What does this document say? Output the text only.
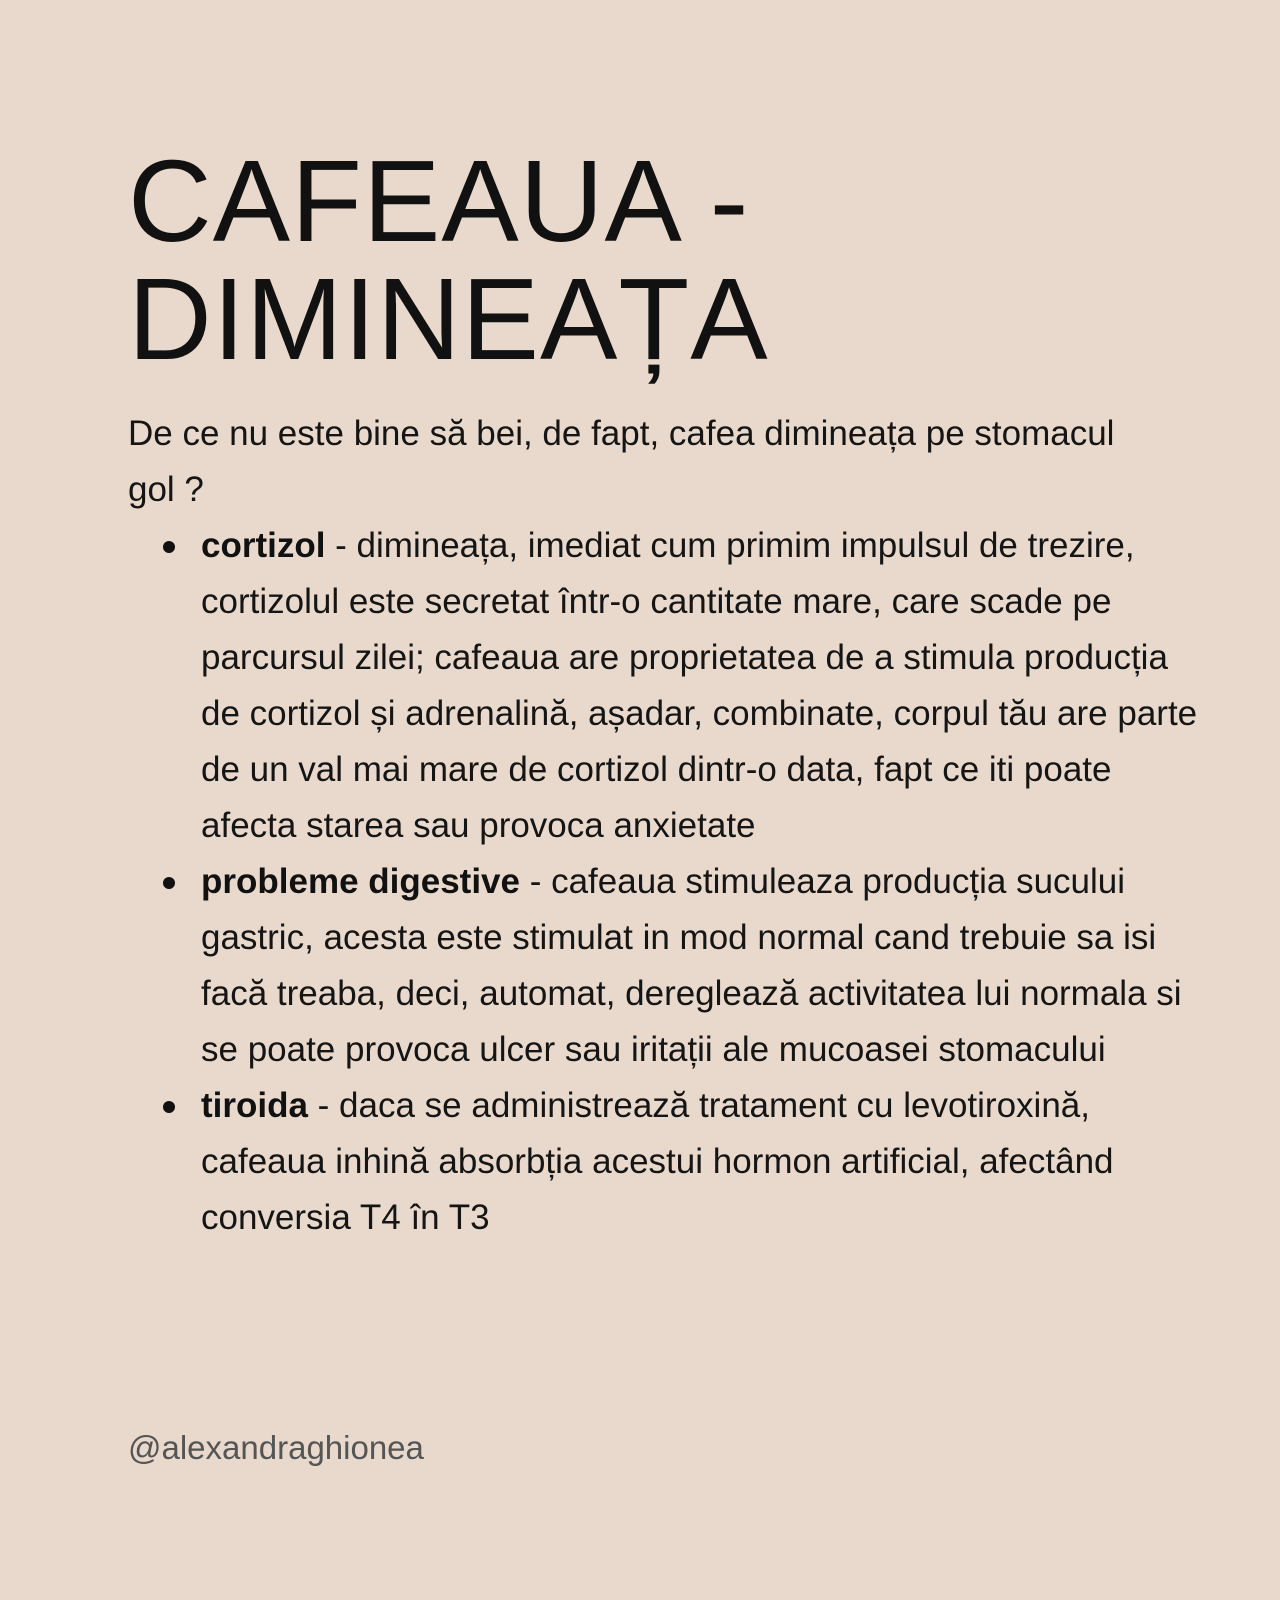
CAFEAUA -
DIMINEAȚA

De ce nu este bine să bei, de fapt, cafea dimineața pe stomacul gol ?

cortizol - dimineața, imediat cum primim impulsul de trezire, cortizolul este secretat într-o cantitate mare, care scade pe parcursul zilei; cafeaua are proprietatea de a stimula producția de cortizol și adrenalină, așadar, combinate, corpul tău are parte de un val mai mare de cortizol dintr-o data, fapt ce iti poate afecta starea sau provoca anxietate
probleme digestive - cafeaua stimuleaza producția sucului gastric, acesta este stimulat in mod normal cand trebuie sa isi facă treaba, deci, automat, dereglează activitatea lui normala si se poate provoca ulcer sau iritații ale mucoasei stomacului
tiroida - daca se administrează tratament cu levotiroxină, cafeaua inhină absorbția acestui hormon artificial, afectând conversia T4 în T3
@alexandraghionea
